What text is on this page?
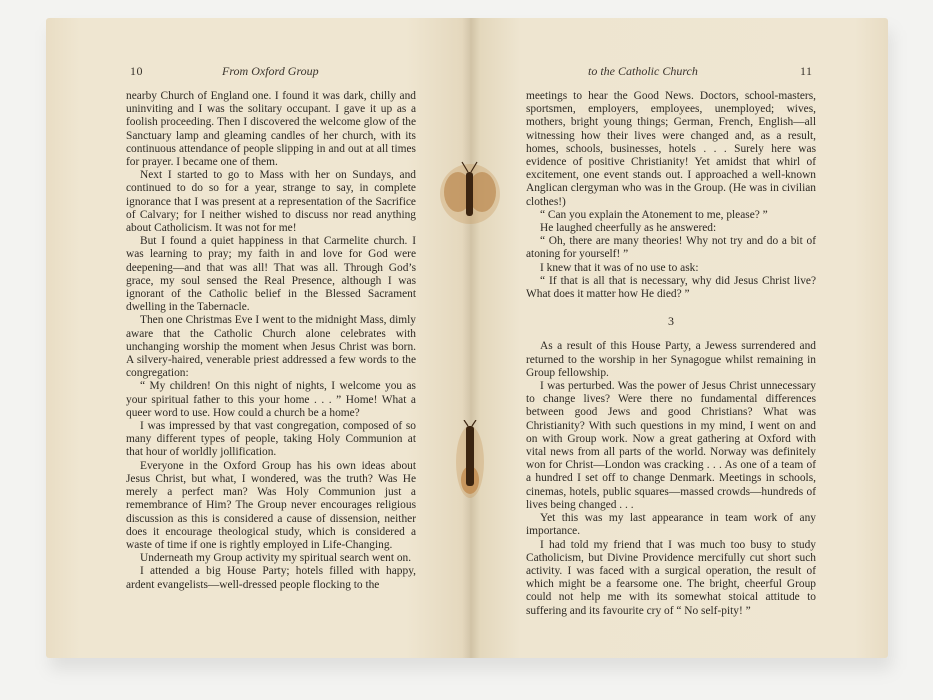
10	From Oxford Group

nearby Church of England one. I found it was dark, chilly and uninviting and I was the solitary occupant. I gave it up as a foolish proceeding. Then I discovered the welcome glow of the Sanctuary lamp and gleaming candles of her church, with its continuous attendance of people slipping in and out at all times for prayer. I became one of them.

Next I started to go to Mass with her on Sundays, and continued to do so for a year, strange to say, in complete ignorance that I was present at a representation of the Sacrifice of Calvary; for I neither wished to discuss nor read anything about Catholicism. It was not for me!

But I found a quiet happiness in that Carmelite church. I was learning to pray; my faith in and love for God were deepening—and that was all! That was all. Through God’s grace, my soul sensed the Real Presence, although I was ignorant of the Catholic belief in the Blessed Sacrament dwelling in the Tabernacle.

Then one Christmas Eve I went to the midnight Mass, dimly aware that the Catholic Church alone celebrates with unchanging worship the moment when Jesus Christ was born. A silvery-haired, venerable priest addressed a few words to the congregation:

“ My children! On this night of nights, I welcome you as your spiritual father to this your home . . . ” Home! What a queer word to use. How could a church be a home?

I was impressed by that vast congregation, composed of so many different types of people, taking Holy Communion at that hour of worldly jollification.

Everyone in the Oxford Group has his own ideas about Jesus Christ, but what, I wondered, was the truth? Was He merely a perfect man? Was Holy Communion just a remembrance of Him? The Group never encourages religious discussion as this is considered a cause of dissension, neither does it encourage theological study, which is considered a waste of time if one is rightly employed in Life-Changing.

Underneath my Group activity my spiritual search went on.

I attended a big House Party; hotels filled with happy, ardent evangelists—well-dressed people flocking to the

to the Catholic Church	11

meetings to hear the Good News. Doctors, school-masters, sportsmen, employers, employees, unemployed; wives, mothers, bright young things; German, French, English—all witnessing how their lives were changed and, as a result, homes, schools, businesses, hotels . . . Surely here was evidence of positive Christianity! Yet amidst that whirl of excitement, one event stands out. I approached a well-known Anglican clergyman who was in the Group. (He was in civilian clothes!)

“ Can you explain the Atonement to me, please? ”

He laughed cheerfully as he answered:

“ Oh, there are many theories! Why not try and do a bit of atoning for yourself! ”

I knew that it was of no use to ask:

“ If that is all that is necessary, why did Jesus Christ live? What does it matter how He died? ”

3

As a result of this House Party, a Jewess surrendered and returned to the worship in her Synagogue whilst remaining in Group fellowship.

I was perturbed. Was the power of Jesus Christ unnecessary to change lives? Were there no fundamental differences between good Jews and good Christians? What was Christianity? With such questions in my mind, I went on and on with Group work. Now a great gathering at Oxford with vital news from all parts of the world. Norway was definitely won for Christ—London was cracking . . . As one of a team of a hundred I set off to change Denmark. Meetings in schools, cinemas, hotels, public squares—massed crowds—hundreds of lives being changed . . .

Yet this was my last appearance in team work of any importance.

I had told my friend that I was much too busy to study Catholicism, but Divine Providence mercifully cut short such activity. I was faced with a surgical operation, the result of which might be a fearsome one. The bright, cheerful Group could not help me with its somewhat stoical attitude to suffering and its favourite cry of “ No self-pity! ”
